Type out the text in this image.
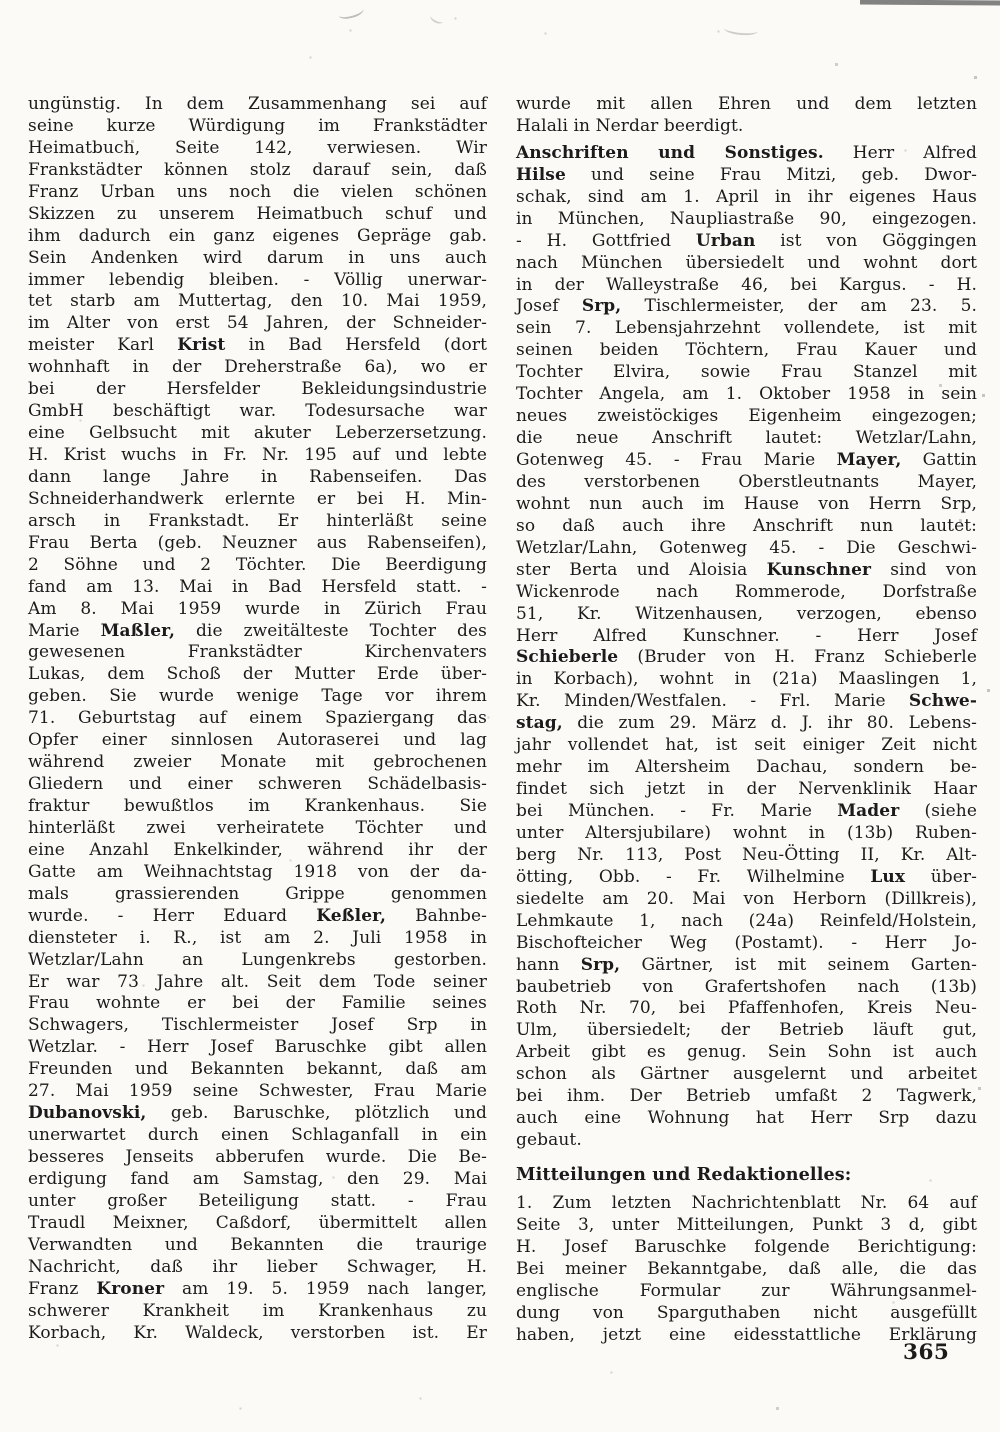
ungünstig. In dem Zusammenhang sei auf
seine kurze Würdigung im Frankstädter
Heimatbuch, Seite 142, verwiesen. Wir
Frankstädter können stolz darauf sein, daß
Franz Urban uns noch die vielen schönen
Skizzen zu unserem Heimatbuch schuf und
ihm dadurch ein ganz eigenes Gepräge gab.
Sein Andenken wird darum in uns auch
immer lebendig bleiben. - Völlig unerwar-
tet starb am Muttertag, den 10. Mai 1959,
im Alter von erst 54 Jahren, der Schneider-
meister Karl Krist in Bad Hersfeld (dort
wohnhaft in der Dreherstraße 6a), wo er
bei der Hersfelder Bekleidungsindustrie
GmbH beschäftigt war. Todesursache war
eine Gelbsucht mit akuter Leberzersetzung.
H. Krist wuchs in Fr. Nr. 195 auf und lebte
dann lange Jahre in Rabenseifen. Das
Schneiderhandwerk erlernte er bei H. Min-
arsch in Frankstadt. Er hinterläßt seine
Frau Berta (geb. Neuzner aus Rabenseifen),
2 Söhne und 2 Töchter. Die Beerdigung
fand am 13. Mai in Bad Hersfeld statt. -
Am 8. Mai 1959 wurde in Zürich Frau
Marie Maßler, die zweitälteste Tochter des
gewesenen Frankstädter Kirchenvaters
Lukas, dem Schoß der Mutter Erde über-
geben. Sie wurde wenige Tage vor ihrem
71. Geburtstag auf einem Spaziergang das
Opfer einer sinnlosen Autoraserei und lag
während zweier Monate mit gebrochenen
Gliedern und einer schweren Schädelbasis-
fraktur bewußtlos im Krankenhaus. Sie
hinterläßt zwei verheiratete Töchter und
eine Anzahl Enkelkinder, während ihr der
Gatte am Weihnachtstag 1918 von der da-
mals grassierenden Grippe genommen
wurde. - Herr Eduard Keßler, Bahnbe-
diensteter i. R., ist am 2. Juli 1958 in
Wetzlar/Lahn an Lungenkrebs gestorben.
Er war 73 Jahre alt. Seit dem Tode seiner
Frau wohnte er bei der Familie seines
Schwagers, Tischlermeister Josef Srp in
Wetzlar. - Herr Josef Baruschke gibt allen
Freunden und Bekannten bekannt, daß am
27. Mai 1959 seine Schwester, Frau Marie
Dubanovski, geb. Baruschke, plötzlich und
unerwartet durch einen Schlaganfall in ein
besseres Jenseits abberufen wurde. Die Be-
erdigung fand am Samstag, den 29. Mai
unter großer Beteiligung statt. - Frau
Traudl Meixner, Caßdorf, übermittelt allen
Verwandten und Bekannten die traurige
Nachricht, daß ihr lieber Schwager, H.
Franz Kroner am 19. 5. 1959 nach langer,
schwerer Krankheit im Krankenhaus zu
Korbach, Kr. Waldeck, verstorben ist. Er
wurde mit allen Ehren und dem letzten
Halali in Nerdar beerdigt.
Anschriften und Sonstiges. Herr Alfred
Hilse und seine Frau Mitzi, geb. Dwor-
schak, sind am 1. April in ihr eigenes Haus
in München, Naupliastraße 90, eingezogen.
- H. Gottfried Urban ist von Göggingen
nach München übersiedelt und wohnt dort
in der Walleystraße 46, bei Kargus. - H.
Josef Srp, Tischlermeister, der am 23. 5.
sein 7. Lebensjahrzehnt vollendete, ist mit
seinen beiden Töchtern, Frau Kauer und
Tochter Elvira, sowie Frau Stanzel mit
Tochter Angela, am 1. Oktober 1958 in sein
neues zweistöckiges Eigenheim eingezogen;
die neue Anschrift lautet: Wetzlar/Lahn,
Gotenweg 45. - Frau Marie Mayer, Gattin
des verstorbenen Oberstleutnants Mayer,
wohnt nun auch im Hause von Herrn Srp,
so daß auch ihre Anschrift nun lautet:
Wetzlar/Lahn, Gotenweg 45. - Die Geschwi-
ster Berta und Aloisia Kunschner sind von
Wickenrode nach Rommerode, Dorfstraße
51, Kr. Witzenhausen, verzogen, ebenso
Herr Alfred Kunschner. - Herr Josef
Schieberle (Bruder von H. Franz Schieberle
in Korbach), wohnt in (21a) Maaslingen 1,
Kr. Minden/Westfalen. - Frl. Marie Schwe-
stag, die zum 29. März d. J. ihr 80. Lebens-
jahr vollendet hat, ist seit einiger Zeit nicht
mehr im Altersheim Dachau, sondern be-
findet sich jetzt in der Nervenklinik Haar
bei München. - Fr. Marie Mader (siehe
unter Altersjubilare) wohnt in (13b) Ruben-
berg Nr. 113, Post Neu-Ötting II, Kr. Alt-
ötting, Obb. - Fr. Wilhelmine Lux über-
siedelte am 20. Mai von Herborn (Dillkreis),
Lehmkaute 1, nach (24a) Reinfeld/Holstein,
Bischofteicher Weg (Postamt). - Herr Jo-
hann Srp, Gärtner, ist mit seinem Garten-
baubetrieb von Grafertshofen nach (13b)
Roth Nr. 70, bei Pfaffenhofen, Kreis Neu-
Ulm, übersiedelt; der Betrieb läuft gut,
Arbeit gibt es genug. Sein Sohn ist auch
schon als Gärtner ausgelernt und arbeitet
bei ihm. Der Betrieb umfaßt 2 Tagwerk,
auch eine Wohnung hat Herr Srp dazu
gebaut.
Mitteilungen und Redaktionelles:
1. Zum letzten Nachrichtenblatt Nr. 64 auf
Seite 3, unter Mitteilungen, Punkt 3 d, gibt
H. Josef Baruschke folgende Berichtigung:
Bei meiner Bekanntgabe, daß alle, die das
englische Formular zur Währungsanmel-
dung von Sparguthaben nicht ausgefüllt
haben, jetzt eine eidesstattliche Erklärung
365
